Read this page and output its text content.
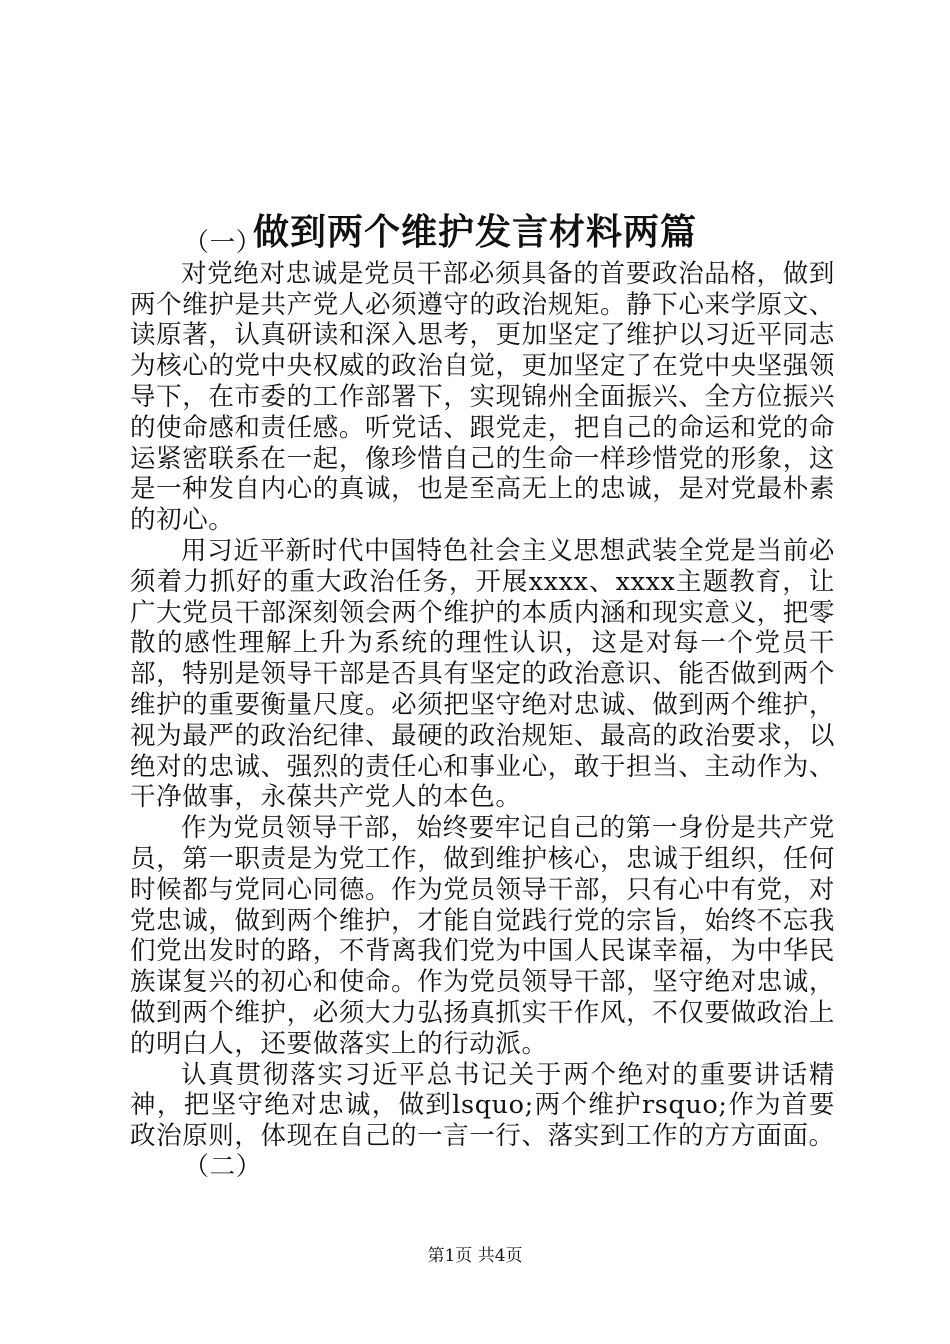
做到两个维护发言材料两篇

（一）

对党绝对忠诚是党员干部必须具备的首要政治品格，做到两个维护是共产党人必须遵守的政治规矩。静下心来学原文、读原著，认真研读和深入思考，更加坚定了维护以习近平同志为核心的党中央权威的政治自觉，更加坚定了在党中央坚强领导下，在市委的工作部署下，实现锦州全面振兴、全方位振兴的使命感和责任感。听党话、跟党走，把自己的命运和党的命运紧密联系在一起，像珍惜自己的生命一样珍惜党的形象，这是一种发自内心的真诚，也是至高无上的忠诚，是对党最朴素的初心。

用习近平新时代中国特色社会主义思想武装全党是当前必须着力抓好的重大政治任务，开展xxxx、xxxx主题教育，让广大党员干部深刻领会两个维护的本质内涵和现实意义，把零散的感性理解上升为系统的理性认识，这是对每一个党员干部，特别是领导干部是否具有坚定的政治意识、能否做到两个维护的重要衡量尺度。必须把坚守绝对忠诚、做到两个维护，视为最严的政治纪律、最硬的政治规矩、最高的政治要求，以绝对的忠诚、强烈的责任心和事业心，敢于担当、主动作为、干净做事，永葆共产党人的本色。

作为党员领导干部，始终要牢记自己的第一身份是共产党员，第一职责是为党工作，做到维护核心，忠诚于组织，任何时候都与党同心同德。作为党员领导干部，只有心中有党，对党忠诚，做到两个维护，才能自觉践行党的宗旨，始终不忘我们党出发时的路，不背离我们党为中国人民谋幸福，为中华民族谋复兴的初心和使命。作为党员领导干部，坚守绝对忠诚，做到两个维护，必须大力弘扬真抓实干作风，不仅要做政治上的明白人，还要做落实上的行动派。

认真贯彻落实习近平总书记关于两个绝对的重要讲话精神，把坚守绝对忠诚，做到lsquo;两个维护rsquo;作为首要政治原则，体现在自己的一言一行、落实到工作的方方面面。

（二）

第1页 共4页
